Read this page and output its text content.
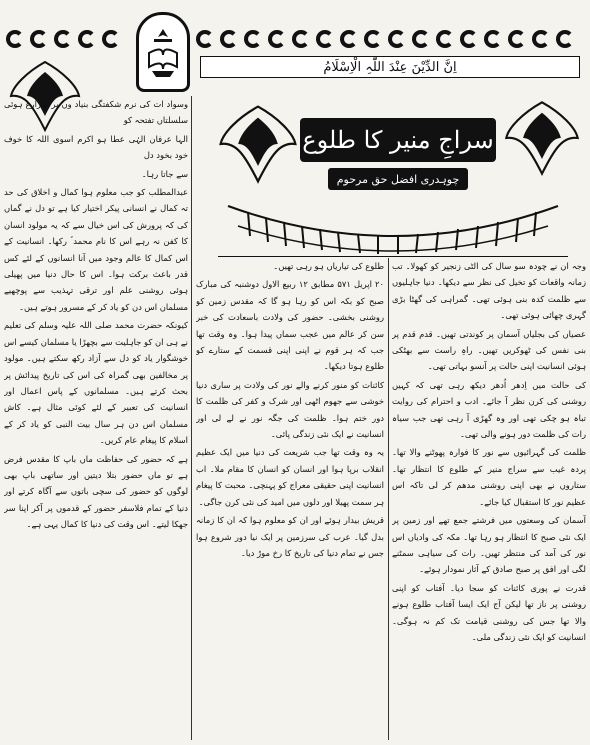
اِنَّ الدِّیْنَ عِنْدَ اللّٰہِ الْاِسْلَامُ
سراجِ منیر کا طلوع
چوہدری افضل حق مرحوم

وسواد ات کی نرم شکفتگی بنیاد وں پر شرارع ہوئی سلسلتاں تفتحہ کو

الہا عرفان الہٰی عطا ہو اکرم اسوی اللہ کا خوف خود بخود دل

سے جاتا رہا۔

عبدالمطلب کو جب معلوم ہوا کمال و اخلاق کی حد تہ کمال نے انسانی پیکر اختیار کیا ہے تو دل نے گماں کی کہ پرورش کی اس خیال سے کہ یہ مولود انسان کا کفن نہ رہے اس کا نام محمد ؐ رکھا۔ انسانیت کے اس کمال کا عالم وجود میں آنا انسانوں کے لئے کس قدر باعث برکت ہوا۔ اس کا حال دنیا میں پھیلی ہوئی روشنی علم اور ترقی تہذیب سے پوچھیے مسلمان اس دن کو یاد کر کے مسرور ہوتے ہیں۔

کیونکہ حضرت محمد صلی اللہ علیہ وسلم کی تعلیم نے ہی ان کو جاہلیت سے بچھڑا یا مسلمان کیسے اس خوشگوار یاد کو دل سے آزاد رکھ سکتے ہیں۔ مولود پر مخالفین بھی گمراہ کی اس کی تاریخ پیدائش پر بحث کرتے ہیں۔ مسلمانوں کے پاس اعمال اور انسانیت کی تعبیر کے لئے کوئی مثال ہے۔ کاش مسلمان اس دن ہر سال بیت النبی کو یاد کر کے اسلام کا پیغام عام کریں۔

ہے کہ حضور کی حفاظت ماں باپ کا مقدس فرض ہے تو ماں حضور بتلا دیتیں اور ساتھی باپ بھی لوگوں کو حضور کی سچی باتوں سے آگاہ کرتے اور دنیا کے تمام فلاسفر حضور کے قدموں پر آکر اپنا سر جھکا لیتے۔ اس وقت کی دنیا کا کمال یہی ہے۔

طلوع کی تیاریاں ہو رہی تھیں۔

۲۰ اپریل ۵۷۱ مطابق ۱۲ ربیع الاول دوشنبہ کی مبارک صبح کو بکہ اس کو رہا ہو گا کہ مقدس زمین کو روشنی بخشی۔ حضور کی ولادت باسعادت کی خبر سن کر عالم میں عجب سماں پیدا ہوا۔ وہ وقت تھا جب کہ ہر قوم نے اپنی اپنی قسمت کے ستارے کو طلوع ہوتا دیکھا۔

کائنات کو منور کرنے والے نور کی ولادت پر ساری دنیا خوشی سے جھوم اٹھی اور شرک و کفر کی ظلمت کا دور ختم ہوا۔ ظلمت کی جگہ نور نے لے لی اور انسانیت نے ایک نئی زندگی پائی۔

یہ وہ وقت تھا جب شریعت کی دنیا میں ایک عظیم انقلاب برپا ہوا اور انسان کو انسان کا مقام ملا۔ اب انسانیت اپنی حقیقی معراج کو پہنچی۔ محبت کا پیغام ہر سمت پھیلا اور دلوں میں امید کی نئی کرن جاگی۔

قریش بیدار ہوئے اور ان کو معلوم ہوا کہ ان کا زمانہ بدل گیا۔ عرب کی سرزمین پر ایک نیا دور شروع ہوا جس نے تمام دنیا کی تاریخ کا رخ موڑ دیا۔

وجہ ان نے چودہ سو سال کی الٹی زنجیر کو کھولا۔ تب زمانہ واقعات کو تخیل کی نظر سے دیکھا۔ دنیا جاہلیوں سے ظلمت کدہ بنی ہوئی تھی۔ گمراہی کی گھٹا بڑی گہری چھائی ہوئی تھی۔

عصیاں کی بجلیاں آسمان پر کوندتی تھیں۔ قدم قدم پر بنی نفس کی ٹھوکریں تھیں۔ راہِ راست سے بھٹکی ہوئی انسانیت اپنی حالت پر آنسو بہاتی تھی۔

کی حالت میں اِدھر اُدھر دیکھ رہی تھی کہ کہیں روشنی کی کرن نظر آ جائے۔ ادب و احترام کی روایت تباہ ہو چکی تھی اور وہ گھڑی آ رہی تھی جب سیاہ رات کی ظلمت دور ہونے والی تھی۔

ظلمت کی گہرائیوں سے نور کا فوارہ پھوٹنے والا تھا۔ پردہ غیب سے سراج منیر کے طلوع کا انتظار تھا۔ ستاروں نے بھی اپنی روشنی مدھم کر لی تاکہ اس عظیم نور کا استقبال کیا جائے۔

آسمان کی وسعتوں میں فرشتے جمع تھے اور زمین پر ایک نئی صبح کا انتظار ہو رہا تھا۔ مکہ کی وادیاں اس نور کی آمد کی منتظر تھیں۔ رات کی سیاہی سمٹنے لگی اور افق پر صبح صادق کے آثار نمودار ہوئے۔

قدرت نے پوری کائنات کو سجا دیا۔ آفتاب کو اپنی روشنی پر ناز تھا لیکن آج ایک ایسا آفتاب طلوع ہونے والا تھا جس کی روشنی قیامت تک کم نہ ہوگی۔ انسانیت کو ایک نئی زندگی ملی۔
